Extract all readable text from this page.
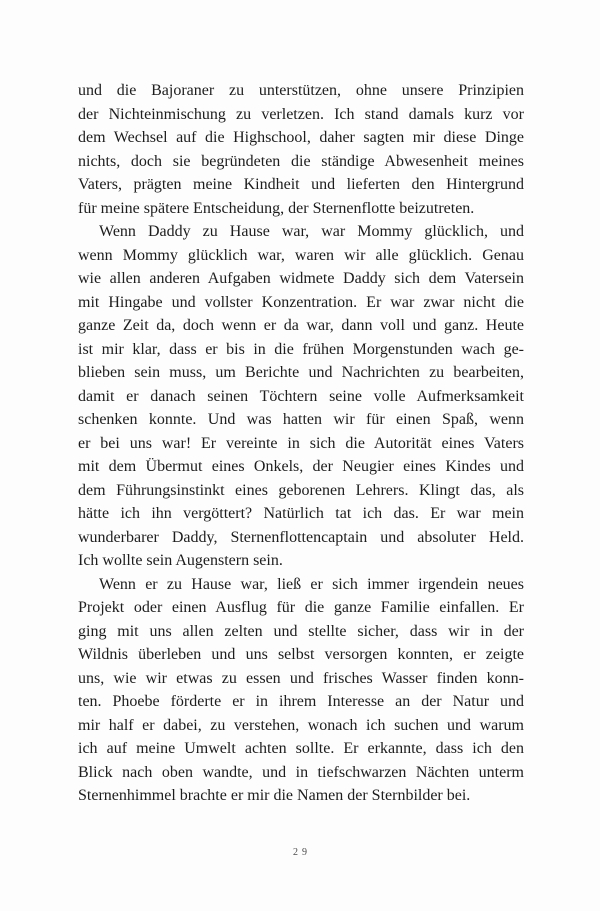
und die Bajoraner zu unterstützen, ohne unsere Prinzipien
der Nichteinmischung zu verletzen. Ich stand damals kurz vor
dem Wechsel auf die Highschool, daher sagten mir diese Dinge
nichts, doch sie begründeten die ständige Abwesenheit meines
Vaters, prägten meine Kindheit und lieferten den Hintergrund
für meine spätere Entscheidung, der Sternenflotte beizutreten.
Wenn Daddy zu Hause war, war Mommy glücklich, und
wenn Mommy glücklich war, waren wir alle glücklich. Genau
wie allen anderen Aufgaben widmete Daddy sich dem Vatersein
mit Hingabe und vollster Konzentration. Er war zwar nicht die
ganze Zeit da, doch wenn er da war, dann voll und ganz. Heute
ist mir klar, dass er bis in die frühen Morgenstunden wach ge-
blieben sein muss, um Berichte und Nachrichten zu bearbeiten,
damit er danach seinen Töchtern seine volle Aufmerksamkeit
schenken konnte. Und was hatten wir für einen Spaß, wenn
er bei uns war! Er vereinte in sich die Autorität eines Vaters
mit dem Übermut eines Onkels, der Neugier eines Kindes und
dem Führungsinstinkt eines geborenen Lehrers. Klingt das, als
hätte ich ihn vergöttert? Natürlich tat ich das. Er war mein
wunderbarer Daddy, Sternenflottencaptain und absoluter Held.
Ich wollte sein Augenstern sein.
Wenn er zu Hause war, ließ er sich immer irgendein neues
Projekt oder einen Ausflug für die ganze Familie einfallen. Er
ging mit uns allen zelten und stellte sicher, dass wir in der
Wildnis überleben und uns selbst versorgen konnten, er zeigte
uns, wie wir etwas zu essen und frisches Wasser finden konn-
ten. Phoebe förderte er in ihrem Interesse an der Natur und
mir half er dabei, zu verstehen, wonach ich suchen und warum
ich auf meine Umwelt achten sollte. Er erkannte, dass ich den
Blick nach oben wandte, und in tiefschwarzen Nächten unterm
Sternenhimmel brachte er mir die Namen der Sternbilder bei.
29
